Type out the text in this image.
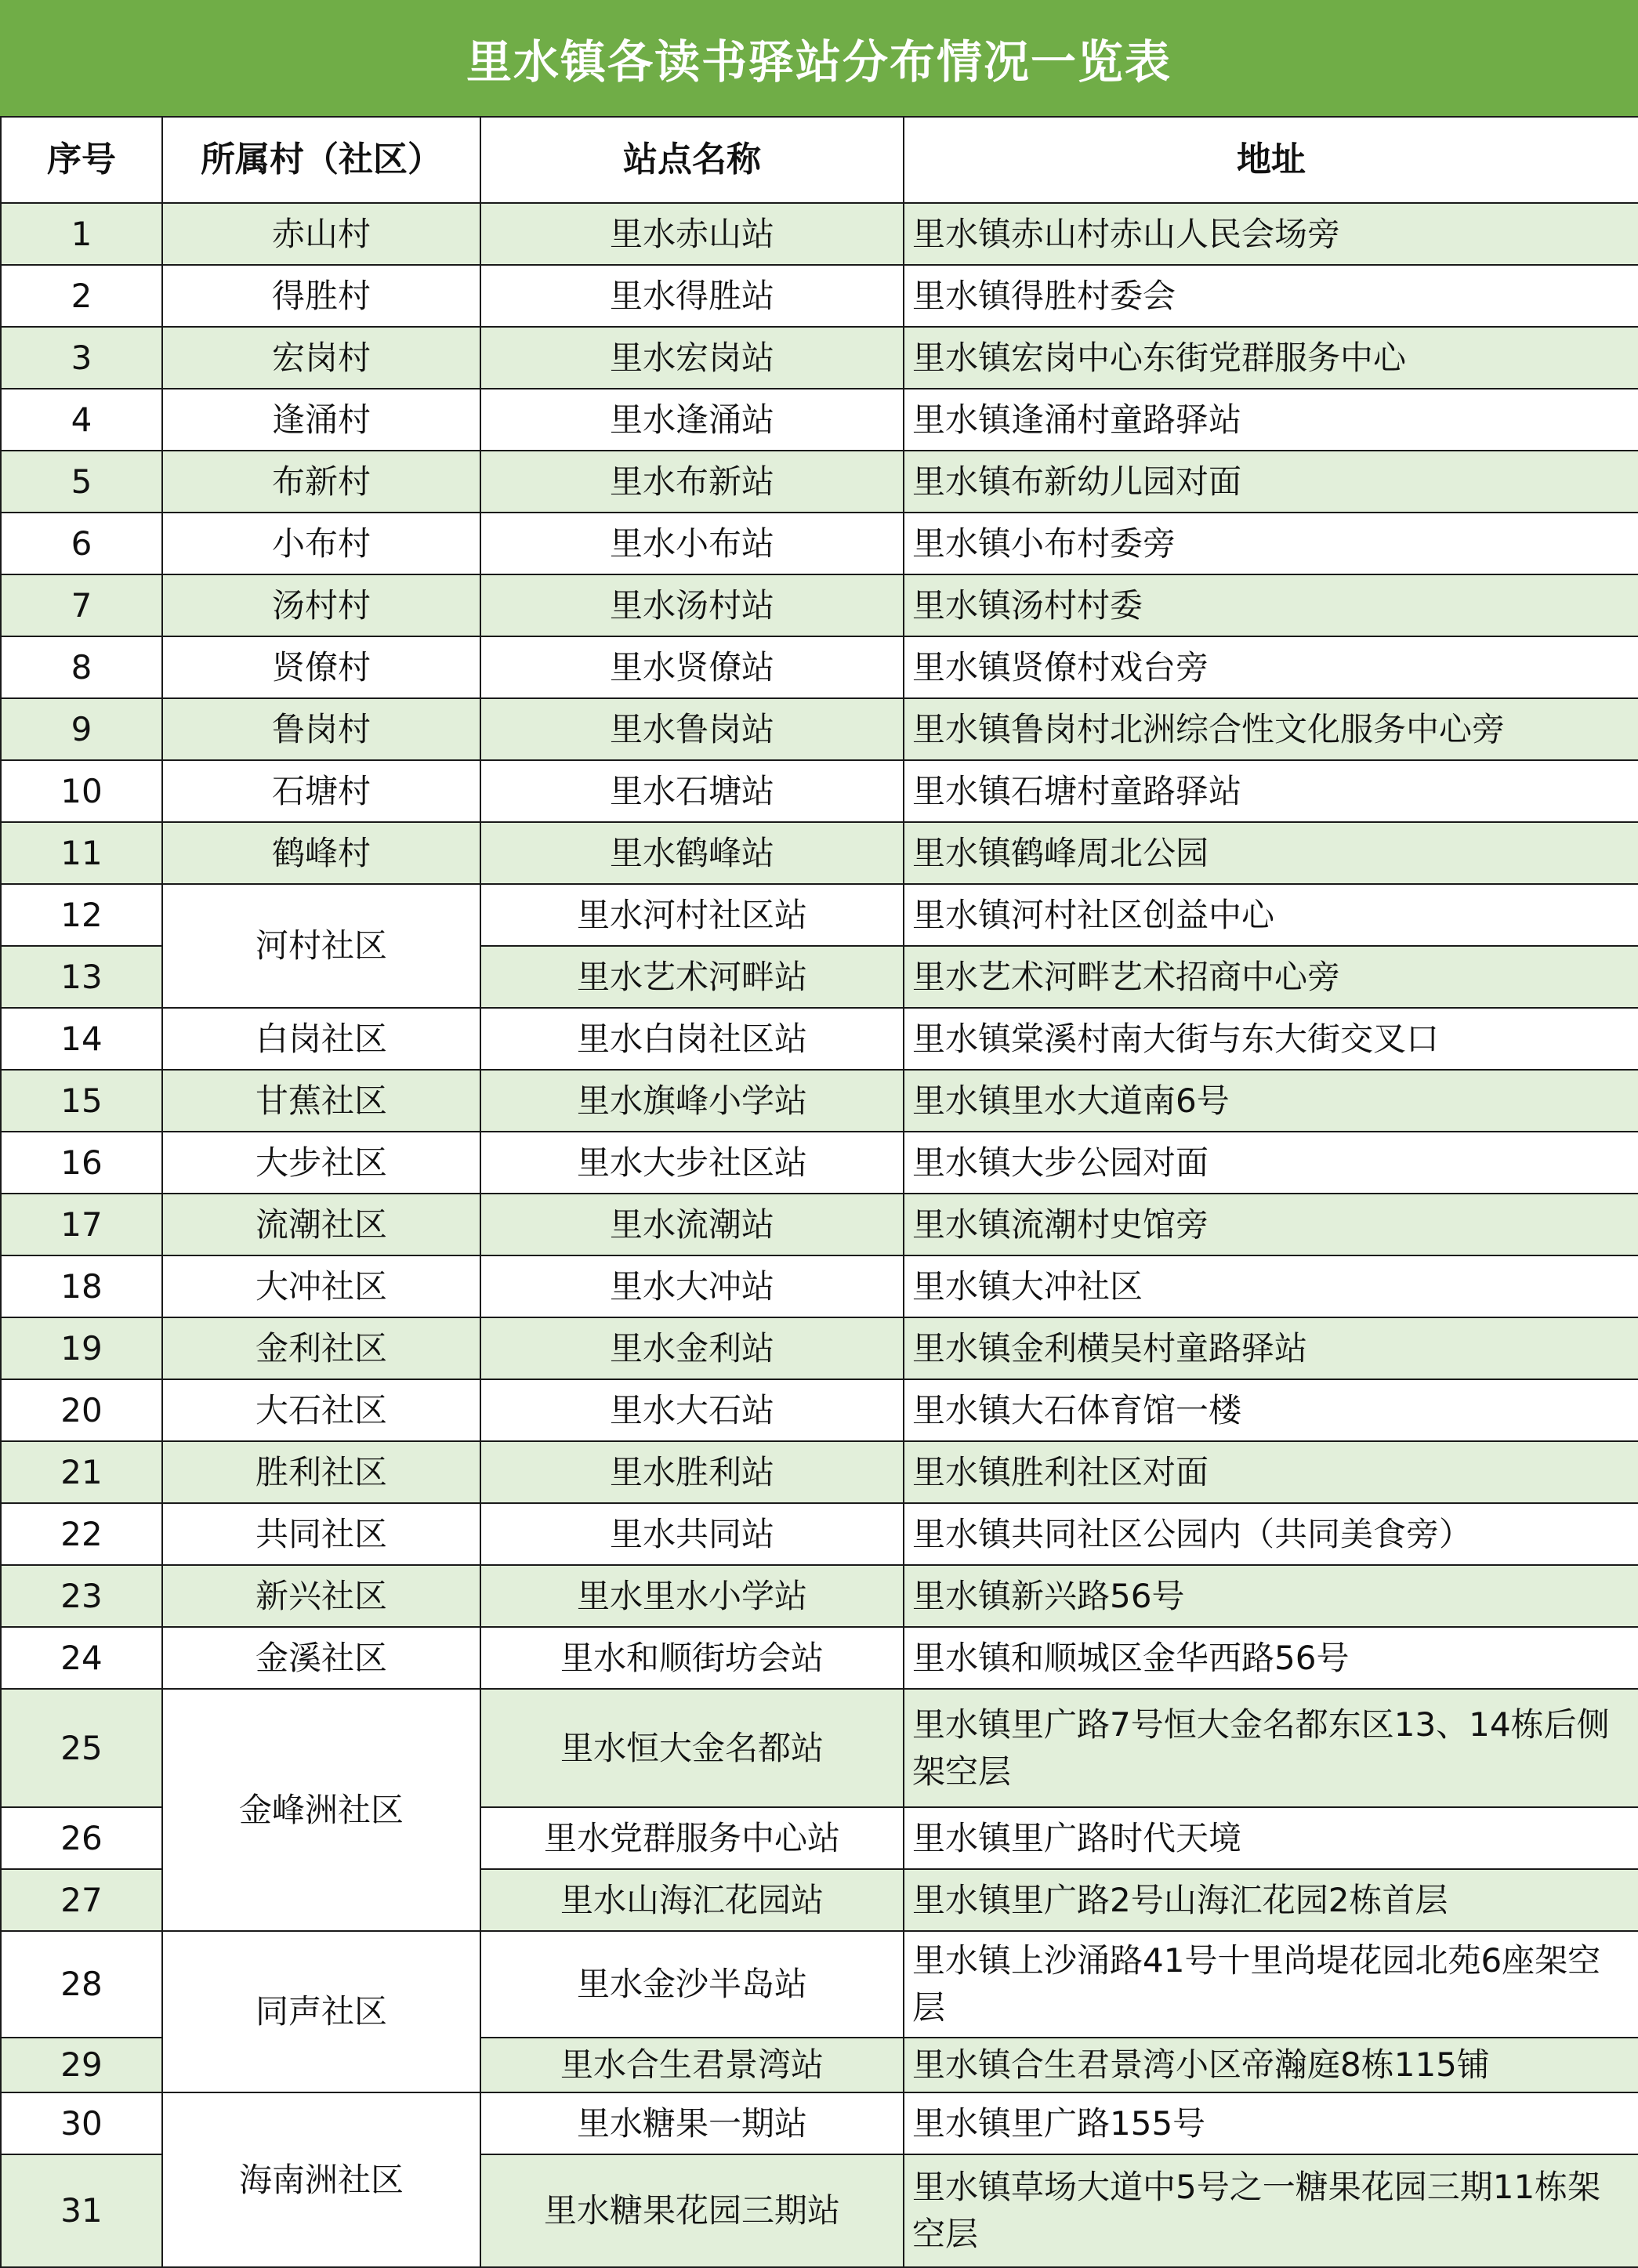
里水镇各读书驿站分布情况一览表
序号	所属村（社区）	站点名称	地址
1	赤山村	里水赤山站	里水镇赤山村赤山人民会场旁
2	得胜村	里水得胜站	里水镇得胜村委会
3	宏岗村	里水宏岗站	里水镇宏岗中心东街党群服务中心
4	逢涌村	里水逢涌站	里水镇逢涌村童路驿站
5	布新村	里水布新站	里水镇布新幼儿园对面
6	小布村	里水小布站	里水镇小布村委旁
7	汤村村	里水汤村站	里水镇汤村村委
8	贤僚村	里水贤僚站	里水镇贤僚村戏台旁
9	鲁岗村	里水鲁岗站	里水镇鲁岗村北洲综合性文化服务中心旁
10	石塘村	里水石塘站	里水镇石塘村童路驿站
11	鹤峰村	里水鹤峰站	里水镇鹤峰周北公园
12	河村社区	里水河村社区站	里水镇河村社区创益中心
13		里水艺术河畔站	里水艺术河畔艺术招商中心旁
14	白岗社区	里水白岗社区站	里水镇棠溪村南大街与东大街交叉口
15	甘蕉社区	里水旗峰小学站	里水镇里水大道南6号
16	大步社区	里水大步社区站	里水镇大步公园对面
17	流潮社区	里水流潮站	里水镇流潮村史馆旁
18	大冲社区	里水大冲站	里水镇大冲社区
19	金利社区	里水金利站	里水镇金利横吴村童路驿站
20	大石社区	里水大石站	里水镇大石体育馆一楼
21	胜利社区	里水胜利站	里水镇胜利社区对面
22	共同社区	里水共同站	里水镇共同社区公园内（共同美食旁）
23	新兴社区	里水里水小学站	里水镇新兴路56号
24	金溪社区	里水和顺街坊会站	里水镇和顺城区金华西路56号
25	金峰洲社区	里水恒大金名都站	里水镇里广路7号恒大金名都东区13、14栋后侧架空层
26		里水党群服务中心站	里水镇里广路时代天境
27		里水山海汇花园站	里水镇里广路2号山海汇花园2栋首层
28	同声社区	里水金沙半岛站	里水镇上沙涌路41号十里尚堤花园北苑6座架空层
29		里水合生君景湾站	里水镇合生君景湾小区帝瀚庭8栋115铺
30	海南洲社区	里水糖果一期站	里水镇里广路155号
31		里水糖果花园三期站	里水镇草场大道中5号之一糖果花园三期11栋架空层
